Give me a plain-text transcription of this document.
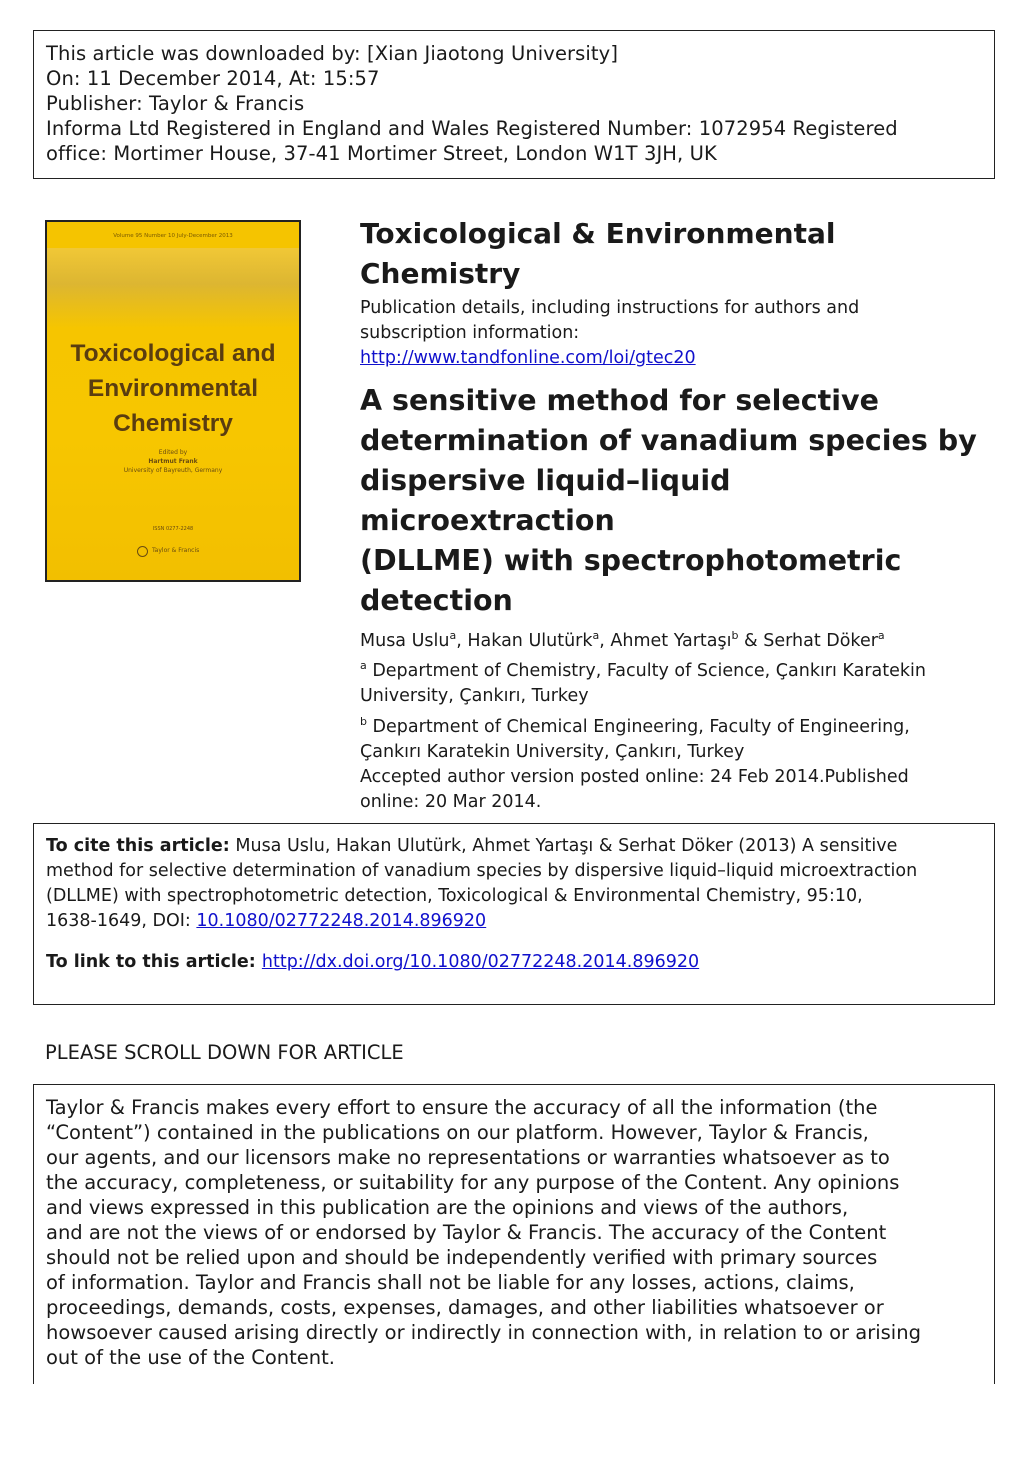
This article was downloaded by: [Xian Jiaotong University]
On: 11 December 2014, At: 15:57
Publisher: Taylor & Francis
Informa Ltd Registered in England and Wales Registered Number: 1072954 Registered
office: Mortimer House, 37-41 Mortimer Street, London W1T 3JH, UK
Volume 95 Number 10 July-December 2013
Toxicological and
Environmental
Chemistry
Edited by
Hartmut Frank
University of Bayreuth, Germany
ISSN 0277-2248
Taylor & Francis
Toxicological & Environmental
Chemistry
Publication details, including instructions for authors and
subscription information:
http://www.tandfonline.com/loi/gtec20
A sensitive method for selective
determination of vanadium species by
dispersive liquid–liquid microextraction
(DLLME) with spectrophotometric
detection
Musa Uslu$^a$, Hakan Ulutürk$^a$, Ahmet Yartaşı$^b$ & Serhat Döker$^a$
$^a$ Department of Chemistry, Faculty of Science, Çankırı Karatekin
University, Çankırı, Turkey
$^b$ Department of Chemical Engineering, Faculty of Engineering,
Çankırı Karatekin University, Çankırı, Turkey
Accepted author version posted online: 24 Feb 2014.Published
online: 20 Mar 2014.

To cite this article: Musa Uslu, Hakan Ulutürk, Ahmet Yartaşı & Serhat Döker (2013) A sensitive

method for selective determination of vanadium species by dispersive liquid–liquid microextraction

(DLLME) with spectrophotometric detection, Toxicological & Environmental Chemistry, 95:10,

1638-1649, DOI: 10.1080/02772248.2014.896920

To link to this article: http://dx.doi.org/10.1080/02772248.2014.896920

PLEASE SCROLL DOWN FOR ARTICLE

Taylor & Francis makes every effort to ensure the accuracy of all the information (the

“Content”) contained in the publications on our platform. However, Taylor & Francis,

our agents, and our licensors make no representations or warranties whatsoever as to

the accuracy, completeness, or suitability for any purpose of the Content. Any opinions

and views expressed in this publication are the opinions and views of the authors,

and are not the views of or endorsed by Taylor & Francis. The accuracy of the Content

should not be relied upon and should be independently verified with primary sources

of information. Taylor and Francis shall not be liable for any losses, actions, claims,

proceedings, demands, costs, expenses, damages, and other liabilities whatsoever or

howsoever caused arising directly or indirectly in connection with, in relation to or arising

out of the use of the Content.
